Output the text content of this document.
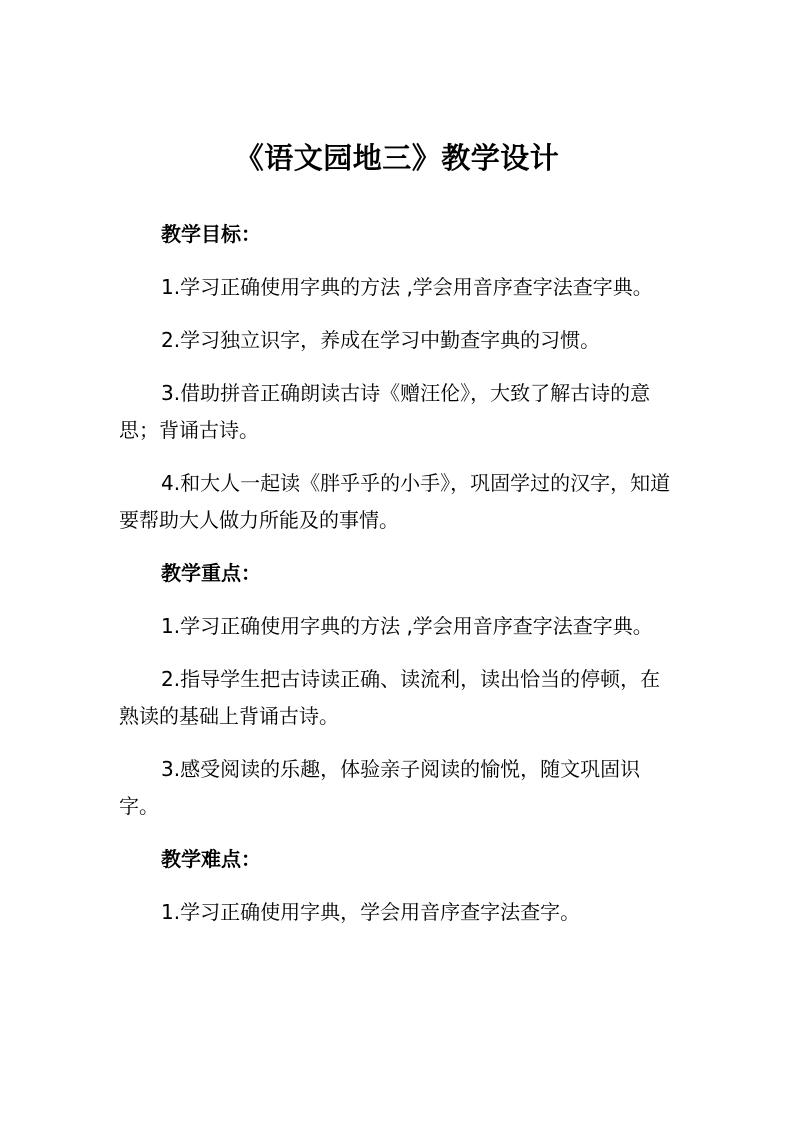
《语文园地三》教学设计

教学目标：

1.学习正确使用字典的方法 ,学会用音序查字法查字典。

2.学习独立识字，养成在学习中勤查字典的习惯。

3.借助拼音正确朗读古诗《赠汪伦》，大致了解古诗的意思；背诵古诗。

4.和大人一起读《胖乎乎的小手》，巩固学过的汉字，知道要帮助大人做力所能及的事情。

教学重点：

1.学习正确使用字典的方法 ,学会用音序查字法查字典。

2.指导学生把古诗读正确、读流利，读出恰当的停顿，在熟读的基础上背诵古诗。

3.感受阅读的乐趣，体验亲子阅读的愉悦，随文巩固识字。

教学难点：

1.学习正确使用字典，学会用音序查字法查字。
